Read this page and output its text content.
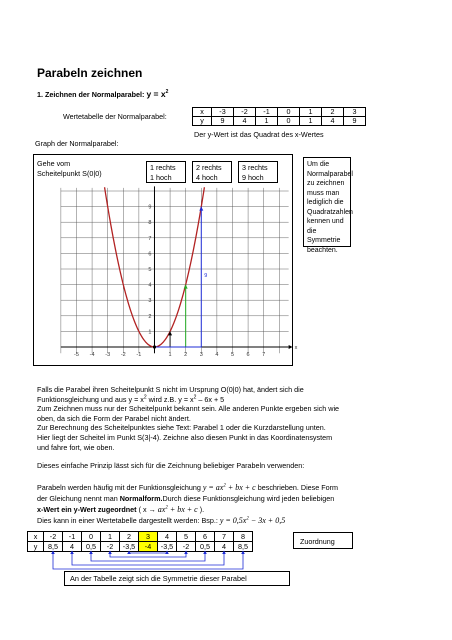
Parabeln zeichnen
1. Zeichnen der Normalparabel: $y = x^2$
Wertetabelle der Normalparabel:
x	-3	-2	-1	0	1	2	3
y	9	4	1	0	1	4	9
Der y-Wert ist das Quadrat des x-Wertes
Graph der Normalparabel:
Gehe vom Scheitelpunkt S(0|0)
1 rechts
1 hoch
2 rechts
4 hoch
3 rechts
9 hoch
Um die Normalparabel zu zeichnen muss man lediglich die Quadratzahlen kennen und die Symmetrie beachten.
-5 -4 -3 -2 -1	1 2 3 4 5 6 7
1
2
3
4
5
6
7
8
9
x
9
Falls die Parabel ihren Scheitelpunkt S nicht im Ursprung O(0|0) hat, ändert sich die
Funktionsgleichung und aus $y = x^2$ wird z.B. $y = x^2 - 6x + 5$
Zum Zeichnen muss nur der Scheitelpunkt bekannt sein. Alle anderen Punkte ergeben sich wie
oben, da sich die Form der Parabel nicht ändert.
Zur Berechnung des Scheitelpunktes siehe Text: Parabel 1 oder die Kurzdarstellung unten.
Hier liegt der Scheitel im Punkt S(3|-4). Zeichne also diesen Punkt in das Koordinatensystem
und fahre fort, wie oben.
Dieses einfache Prinzip lässt sich für die Zeichnung beliebiger Parabeln verwenden:
Parabeln werden häufig mit der Funktionsgleichung $y = ax^2$ + bx + c beschrieben. Diese Form
der Gleichung nennt man Normalform.Durch diese Funktionsgleichung wird jeden beliebigen
x-Wert ein y-Wert zugeordnet ( $x \to ax^2$ + bx + c ).
Dies kann in einer Wertetabelle dargestellt werden: Bsp.: $y = 0,5x^2 - 3x + 0,5$
x	-2	-1	0	1	2	3	4	5	6	7	8
y	8,5	4	0,5	-2	-3,5	-4	-3,5	-2	0,5	4	8,5
Zuordnung
An der Tabelle zeigt sich die Symmetrie dieser Parabel
